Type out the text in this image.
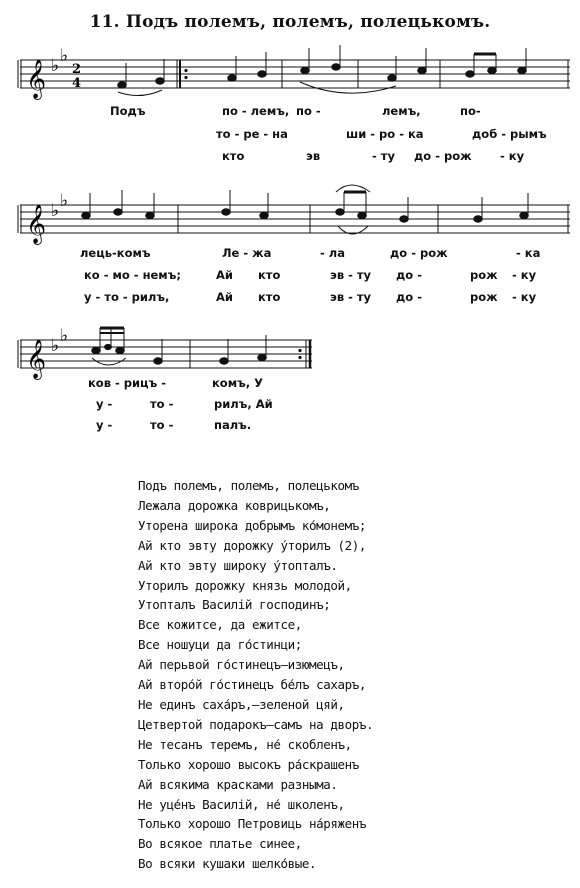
11. Подъ полемъ, полемъ, полецькомъ.
𝄞 ♭ ♭
2
4
Подъ	по - лемъ, по -	лемъ,	по-
то - ре - на	ши - ро - ка	доб - рымъ
кто	эв	- ту до - рож - ку
𝄞 ♭ ♭
лець-комъ	Ле - жа	- ла	до - рож	- ка
ко - мо - немъ;	Ай кто	эв - ту до -	рож - ку
у - то - рилъ,	Ай кто	эв - ту до -	рож - ку
𝄞 ♭ ♭
ков - рицъ -	комъ, У
у -	то -	рилъ, Ай
у -	то -	палъ.
Подъ полемъ, полемъ, полецькомъ
Лежала дорожка коврицькомъ,
Уторена широка добрымъ ко́монемъ;
Ай кто эвту дорожку у́торилъ (2),
Ай кто эвту широку у́топталъ.
Уторилъ дорожку князь молодой,
Утопталъ Василій господинъ;
Все кожитсе, да ежитсе,
Все ношуци да го́стинци;
Ай перьвой го́стинецъ—изюмецъ,
Ай второ́й го́стинецъ бе́лъ сахаръ,
Не единъ саха́ръ,—зеленой цяй,
Цетвертой подарокъ—самъ на дворъ.
Не тесанъ теремъ, не́ скобленъ,
Только хорошо высокъ ра́скрашенъ
Ай всякима красками разныма.
Не уце́нъ Василій, не́ школенъ,
Только хорошо Петровиць на́ряженъ
Во всякое платье синее,
Во всяки кушаки шелко́вые.
